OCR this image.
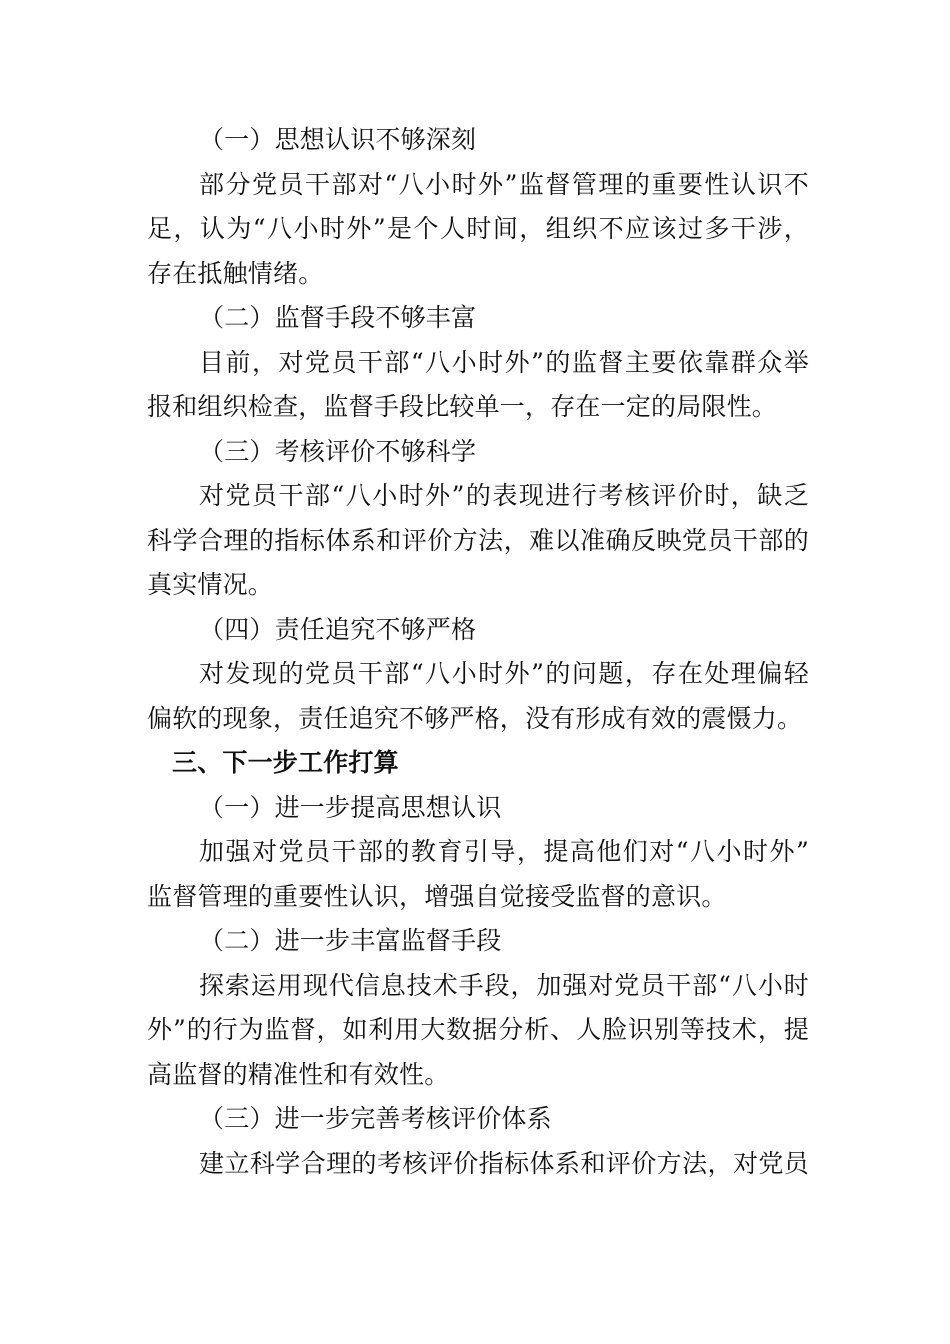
（一）思想认识不够深刻
部分党员干部对“八小时外”监督管理的重要性认识不
足，认为“八小时外”是个人时间，组织不应该过多干涉，
存在抵触情绪。
（二）监督手段不够丰富
目前，对党员干部“八小时外”的监督主要依靠群众举
报和组织检查，监督手段比较单一，存在一定的局限性。
（三）考核评价不够科学
对党员干部“八小时外”的表现进行考核评价时，缺乏
科学合理的指标体系和评价方法，难以准确反映党员干部的
真实情况。
（四）责任追究不够严格
对发现的党员干部“八小时外”的问题，存在处理偏轻
偏软的现象，责任追究不够严格，没有形成有效的震慑力。
三、下一步工作打算
（一）进一步提高思想认识
加强对党员干部的教育引导，提高他们对“八小时外”
监督管理的重要性认识，增强自觉接受监督的意识。
（二）进一步丰富监督手段
探索运用现代信息技术手段，加强对党员干部“八小时
外”的行为监督，如利用大数据分析、人脸识别等技术，提
高监督的精准性和有效性。
（三）进一步完善考核评价体系
建立科学合理的考核评价指标体系和评价方法，对党员
